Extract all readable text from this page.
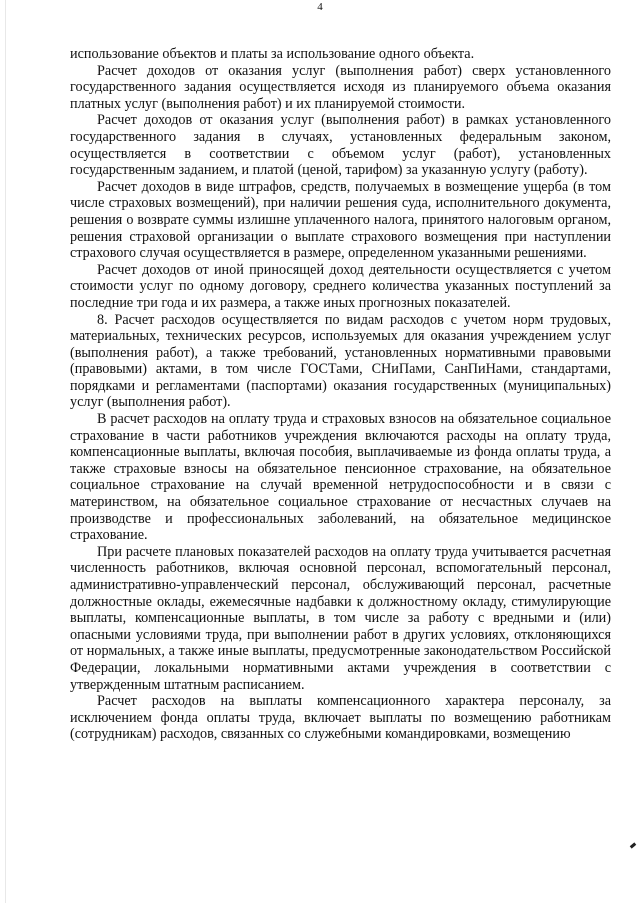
4

использование объектов и платы за использование одного объекта.

Расчет доходов от оказания услуг (выполнения работ) сверх установленного государственного задания осуществляется исходя из планируемого объема оказания платных услуг (выполнения работ) и их планируемой стоимости.

Расчет доходов от оказания услуг (выполнения работ) в рамках установленного государственного задания в случаях, установленных федеральным законом, осуществляется в соответствии с объемом услуг (работ), установленных государственным заданием, и платой (ценой, тарифом) за указанную услугу (работу).

Расчет доходов в виде штрафов, средств, получаемых в возмещение ущерба (в том числе страховых возмещений), при наличии решения суда, исполнительного документа, решения о возврате суммы излишне уплаченного налога, принятого налоговым органом, решения страховой организации о выплате страхового возмещения при наступлении страхового случая осуществляется в размере, определенном указанными решениями.

Расчет доходов от иной приносящей доход деятельности осуществляется с учетом стоимости услуг по одному договору, среднего количества указанных поступлений за последние три года и их размера, а также иных прогнозных показателей.

8. Расчет расходов осуществляется по видам расходов с учетом норм трудовых, материальных, технических ресурсов, используемых для оказания учреждением услуг (выполнения работ), а также требований, установленных нормативными правовыми (правовыми) актами, в том числе ГОСТами, СНиПами, СанПиНами, стандартами, порядками и регламентами (паспортами) оказания государственных (муниципальных) услуг (выполнения работ).

В расчет расходов на оплату труда и страховых взносов на обязательное социальное страхование в части работников учреждения включаются расходы на оплату труда, компенсационные выплаты, включая пособия, выплачиваемые из фонда оплаты труда, а также страховые взносы на обязательное пенсионное страхование, на обязательное социальное страхование на случай временной нетрудоспособности и в связи с материнством, на обязательное социальное страхование от несчастных случаев на производстве и профессиональных заболеваний, на обязательное медицинское страхование.

При расчете плановых показателей расходов на оплату труда учитывается расчетная численность работников, включая основной персонал, вспомогательный персонал, административно-управленческий персонал, обслуживающий персонал, расчетные должностные оклады, ежемесячные надбавки к должностному окладу, стимулирующие выплаты, компенсационные выплаты, в том числе за работу с вредными и (или) опасными условиями труда, при выполнении работ в других условиях, отклоняющихся от нормальных, а также иные выплаты, предусмотренные законодательством Российской Федерации, локальными нормативными актами учреждения в соответствии с утвержденным штатным расписанием.

Расчет расходов на выплаты компенсационного характера персоналу, за исключением фонда оплаты труда, включает выплаты по возмещению работникам (сотрудникам) расходов, связанных со служебными командировками, возмещению
